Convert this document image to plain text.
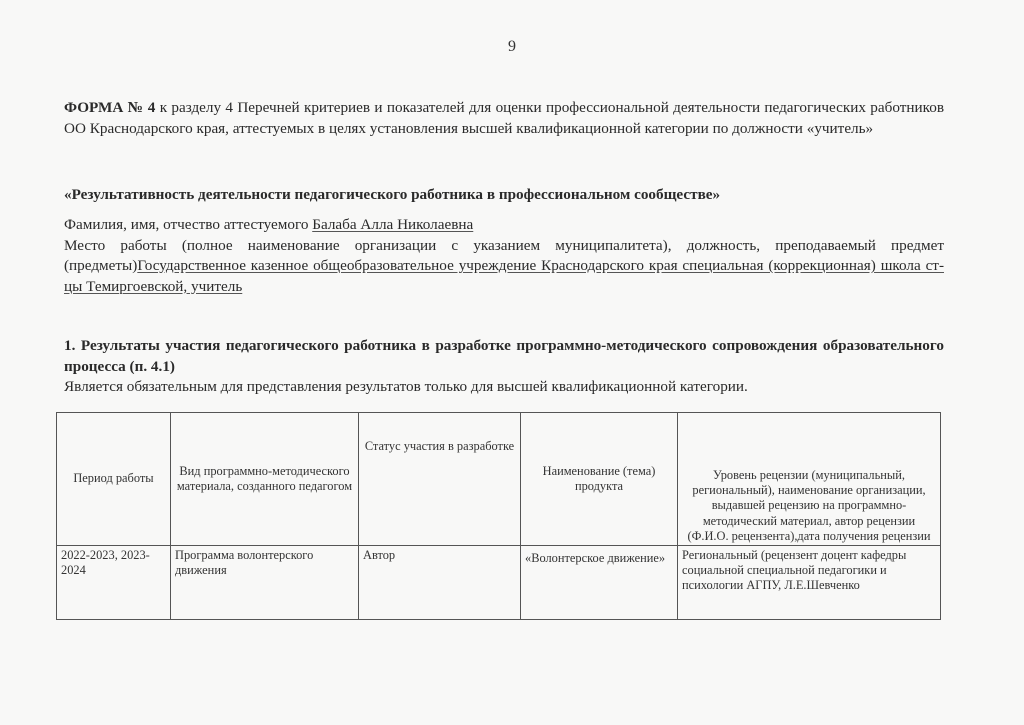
9
ФОРМА № 4 к разделу 4 Перечней критериев и показателей для оценки профессиональной деятельности педагогических работников ОО Краснодарского края, аттестуемых в целях установления высшей квалификационной категории по должности «учитель»
«Результативность деятельности педагогического работника в профессиональном сообществе»
Фамилия, имя, отчество аттестуемого Балаба Алла Николаевна
Место работы (полное наименование организации с указанием муниципалитета), должность, преподаваемый предмет (предметы)Государственное казенное общеобразовательное учреждение Краснодарского края специальная (коррекционная) школа ст-цы Темиргоевской, учитель
1. Результаты участия педагогического работника в разработке программно-методического сопровождения образовательного процесса (п. 4.1)
Является обязательным для представления результатов только для высшей квалификационной категории.
Период работы	Вид программно-методического материала, созданного педагогом	Статус участия в разработке	Наименование (тема) продукта	Уровень рецензии (муниципальный, региональный), наименование организации, выдавшей рецензию на программно-методический материал, автор рецензии (Ф.И.О. рецензента),дата получения рецензии
2022-2023, 2023-2024	Программа волонтерского движения	Автор	«Волонтерское движение»	Региональный (рецензент доцент кафедры социальной специальной педагогики и психологии АГПУ, Л.Е.Шевченко
